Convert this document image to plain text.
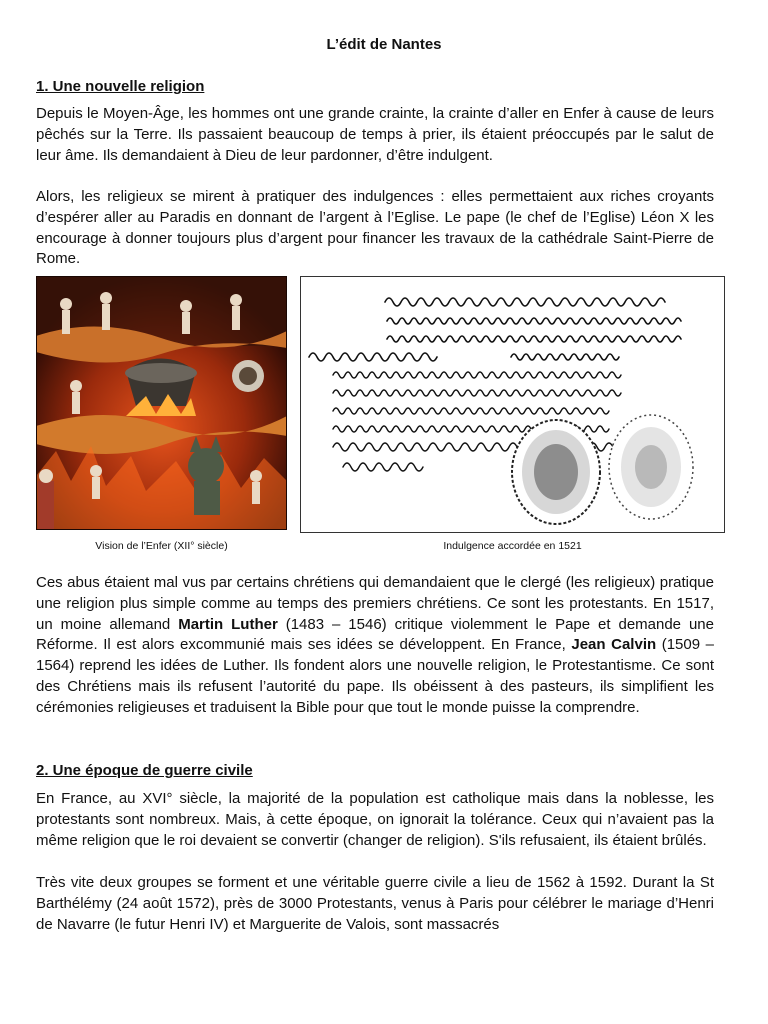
L’édit de Nantes
1. Une nouvelle religion

Depuis le Moyen-Âge, les hommes ont une grande crainte, la crainte d’aller en Enfer à cause de leurs pêchés sur la Terre. Ils passaient beaucoup de temps à prier, ils étaient préoccupés par le salut de leur âme. Ils demandaient à Dieu de leur pardonner, d’être indulgent.

Alors, les religieux se mirent à pratiquer des indulgences : elles permettaient aux riches croyants d’espérer aller au Paradis en donnant de l’argent à l’Eglise. Le pape (le chef de l’Eglise) Léon X les encourage à donner toujours plus d’argent pour financer les travaux de la cathédrale Saint-Pierre de Rome.

Vision de l’Enfer (XII° siècle)	Indulgence accordée en 1521

Ces abus étaient mal vus par certains chrétiens qui demandaient que le clergé (les religieux) pratique une religion plus simple comme au temps des premiers chrétiens. Ce sont les protestants. En 1517, un moine allemand Martin Luther (1483 – 1546) critique violemment le Pape et demande une Réforme. Il est alors excommunié mais ses idées se développent. En France, Jean Calvin (1509 – 1564) reprend les idées de Luther. Ils fondent alors une nouvelle religion, le Protestantisme. Ce sont des Chrétiens mais ils refusent l’autorité du pape. Ils obéissent à des pasteurs, ils simplifient les cérémonies religieuses et traduisent la Bible pour que tout le monde puisse la comprendre.

2. Une époque de guerre civile

En France, au XVI° siècle, la majorité de la population est catholique mais dans la noblesse, les protestants sont nombreux. Mais, à cette époque, on ignorait la tolérance. Ceux qui n’avaient pas la même religion que le roi devaient se convertir (changer de religion). S'ils refusaient, ils étaient brûlés.

Très vite deux groupes se forment et une véritable guerre civile a lieu de 1562 à 1592. Durant la St Barthélémy (24 août 1572), près de 3000 Protestants, venus à Paris pour célébrer le mariage d’Henri de Navarre (le futur Henri IV) et Marguerite de Valois, sont massacrés
